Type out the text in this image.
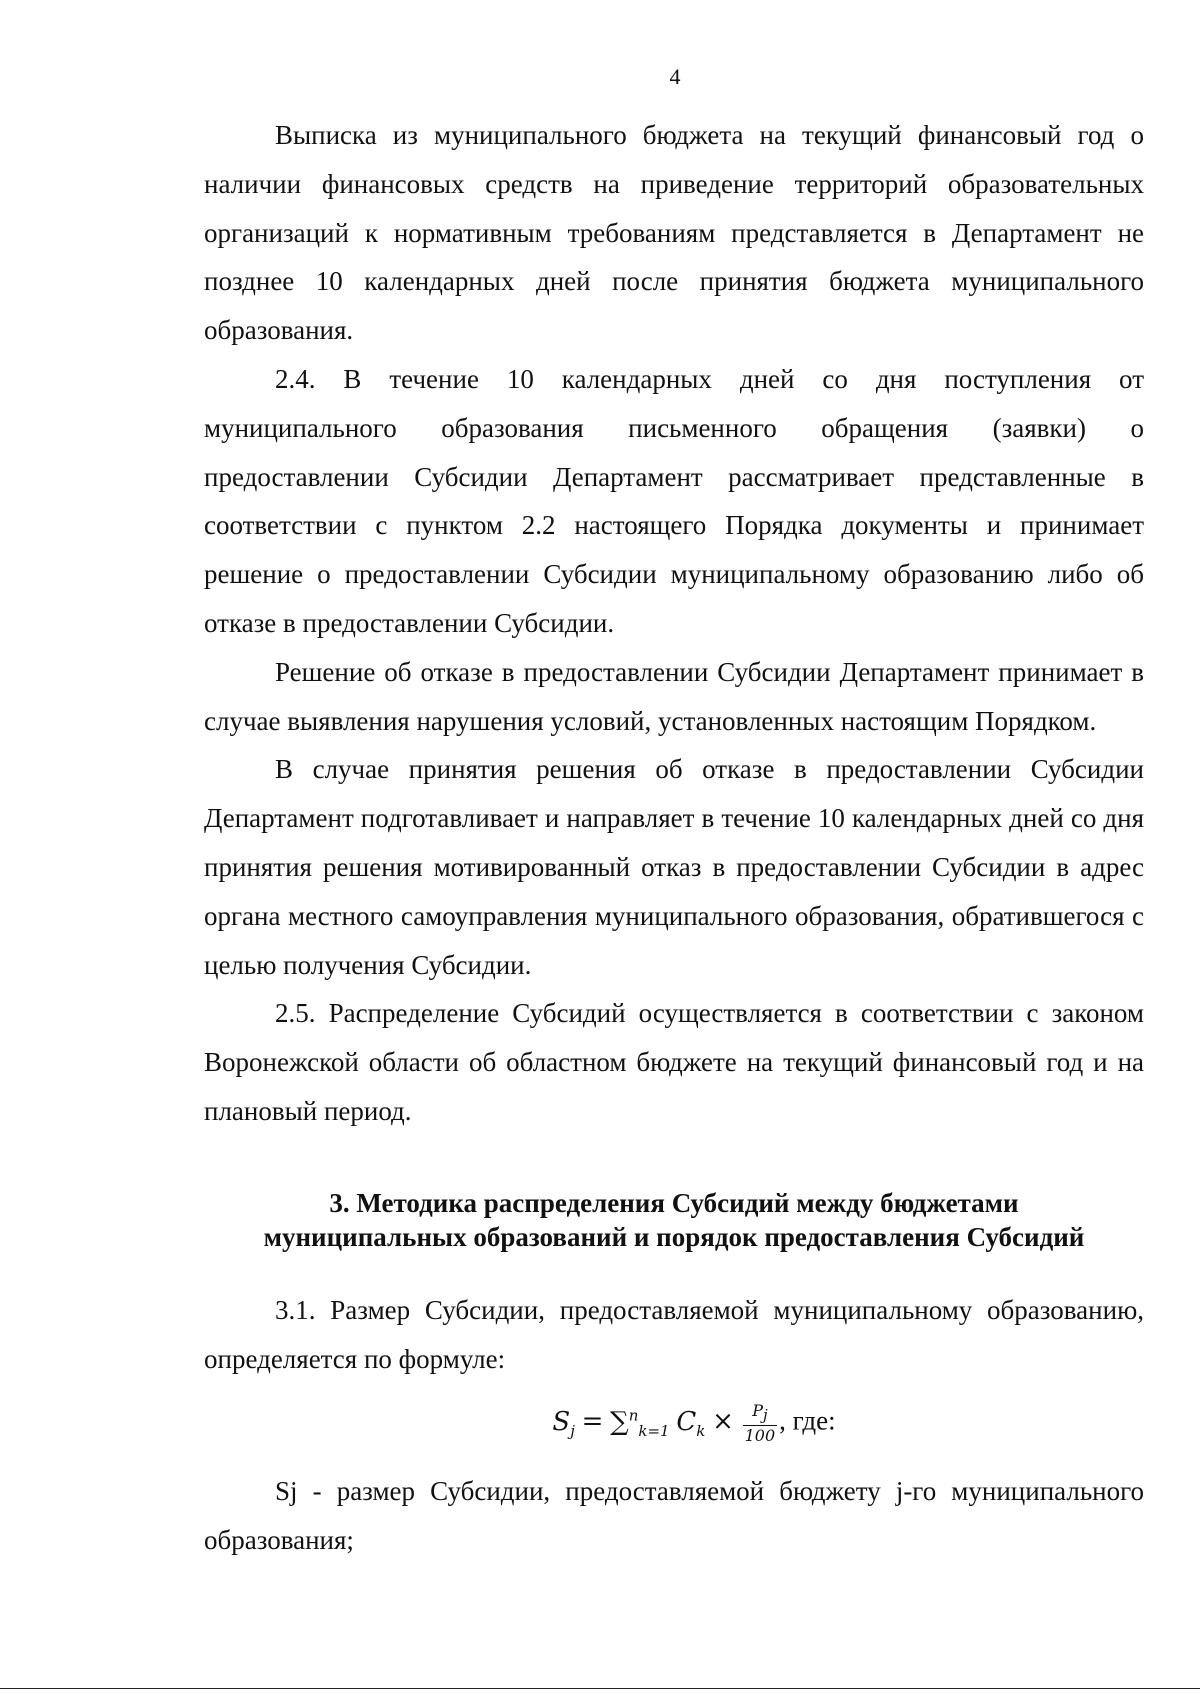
4

Выписка из муниципального бюджета на текущий финансовый год о наличии финансовых средств на приведение территорий образовательных организаций к нормативным требованиям представляется в Департамент не позднее 10 календарных дней после принятия бюджета муниципального образования.

2.4. В течение 10 календарных дней со дня поступления от муниципального образования письменного обращения (заявки) о предоставлении Субсидии Департамент рассматривает представленные в соответствии с пунктом 2.2 настоящего Порядка документы и принимает решение о предоставлении Субсидии муниципальному образованию либо об отказе в предоставлении Субсидии.

Решение об отказе в предоставлении Субсидии Департамент принимает в случае выявления нарушения условий, установленных настоящим Порядком.

В случае принятия решения об отказе в предоставлении Субсидии Департамент подготавливает и направляет в течение 10 календарных дней со дня принятия решения мотивированный отказ в предоставлении Субсидии в адрес органа местного самоуправления муниципального образования, обратившегося с целью получения Субсидии.

2.5. Распределение Субсидий осуществляется в соответствии с законом Воронежской области об областном бюджете на текущий финансовый год и на плановый период.

3. Методика распределения Субсидий между бюджетами
муниципальных образований и порядок предоставления Субсидий

3.1. Размер Субсидии, предоставляемой муниципальному образованию, определяется по формуле:

$S_j = \sum^n_{k=1}$ $C_k \times \frac{P_j}{100}$ , где:

Sj - размер Субсидии, предоставляемой бюджету j-го муниципального образования;
